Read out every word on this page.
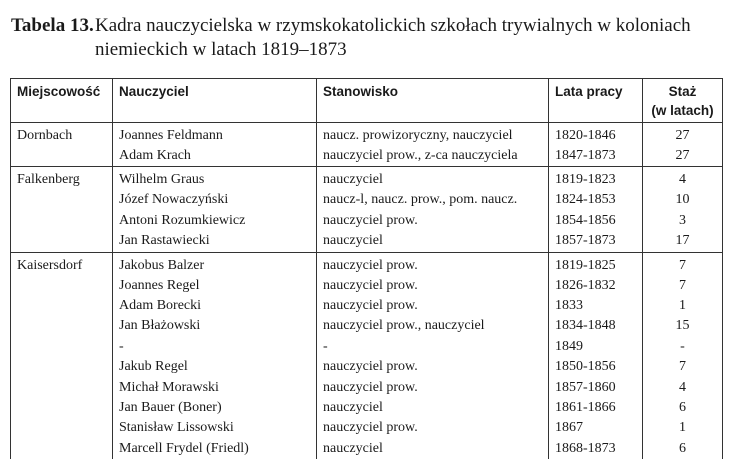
Tabela 13.Kadra nauczycielska w rzymskokatolickich szkołach trywialnych w koloniach
niemieckich w latach 1819–1873
Miejscowość	Nauczyciel	Stanowisko	Lata pracy	Staż
(w latach)
Dornbach	Joannes Feldmann	naucz. prowizoryczny, nauczyciel	1820-1846	27
	Adam Krach	nauczyciel prow., z-ca nauczyciela	1847-1873	27
Falkenberg	Wilhelm Graus	nauczyciel	1819-1823	4
	Józef Nowaczyński	naucz-l, naucz. prow., pom. naucz.	1824-1853	10
	Antoni Rozumkiewicz	nauczyciel prow.	1854-1856	3
	Jan Rastawiecki	nauczyciel	1857-1873	17
Kaisersdorf	Jakobus Balzer	nauczyciel prow.	1819-1825	7
	Joannes Regel	nauczyciel prow.	1826-1832	7
	Adam Borecki	nauczyciel prow.	1833	1
	Jan Błażowski	nauczyciel prow., nauczyciel	1834-1848	15
	-	-	1849	-
	Jakub Regel	nauczyciel prow.	1850-1856	7
	Michał Morawski	nauczyciel prow.	1857-1860	4
	Jan Bauer (Boner)	nauczyciel	1861-1866	6
	Stanisław Lissowski	nauczyciel prow.	1867	1
	Marcell Frydel (Friedl)	nauczyciel	1868-1873	6
